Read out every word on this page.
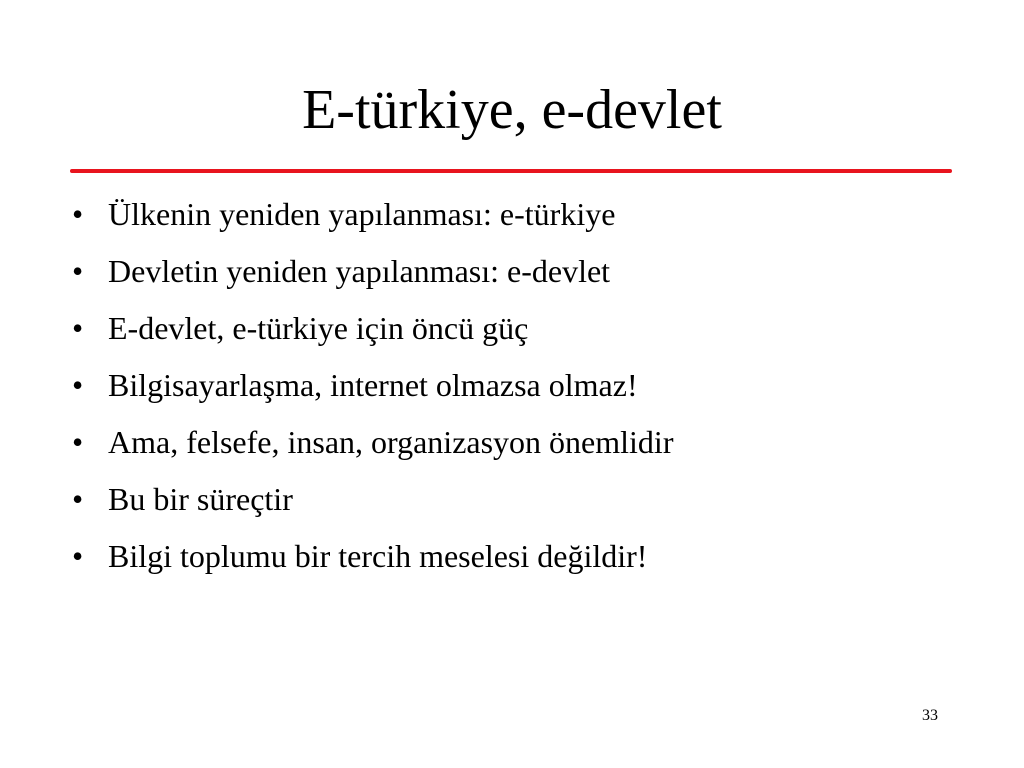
E-türkiye, e-devlet
• Ülkenin yeniden yapılanması: e-türkiye
• Devletin yeniden yapılanması: e-devlet
• E-devlet, e-türkiye için öncü güç
• Bilgisayarlaşma, internet olmazsa olmaz!
• Ama, felsefe, insan, organizasyon önemlidir
• Bu bir süreçtir
• Bilgi toplumu bir tercih meselesi değildir!
33
